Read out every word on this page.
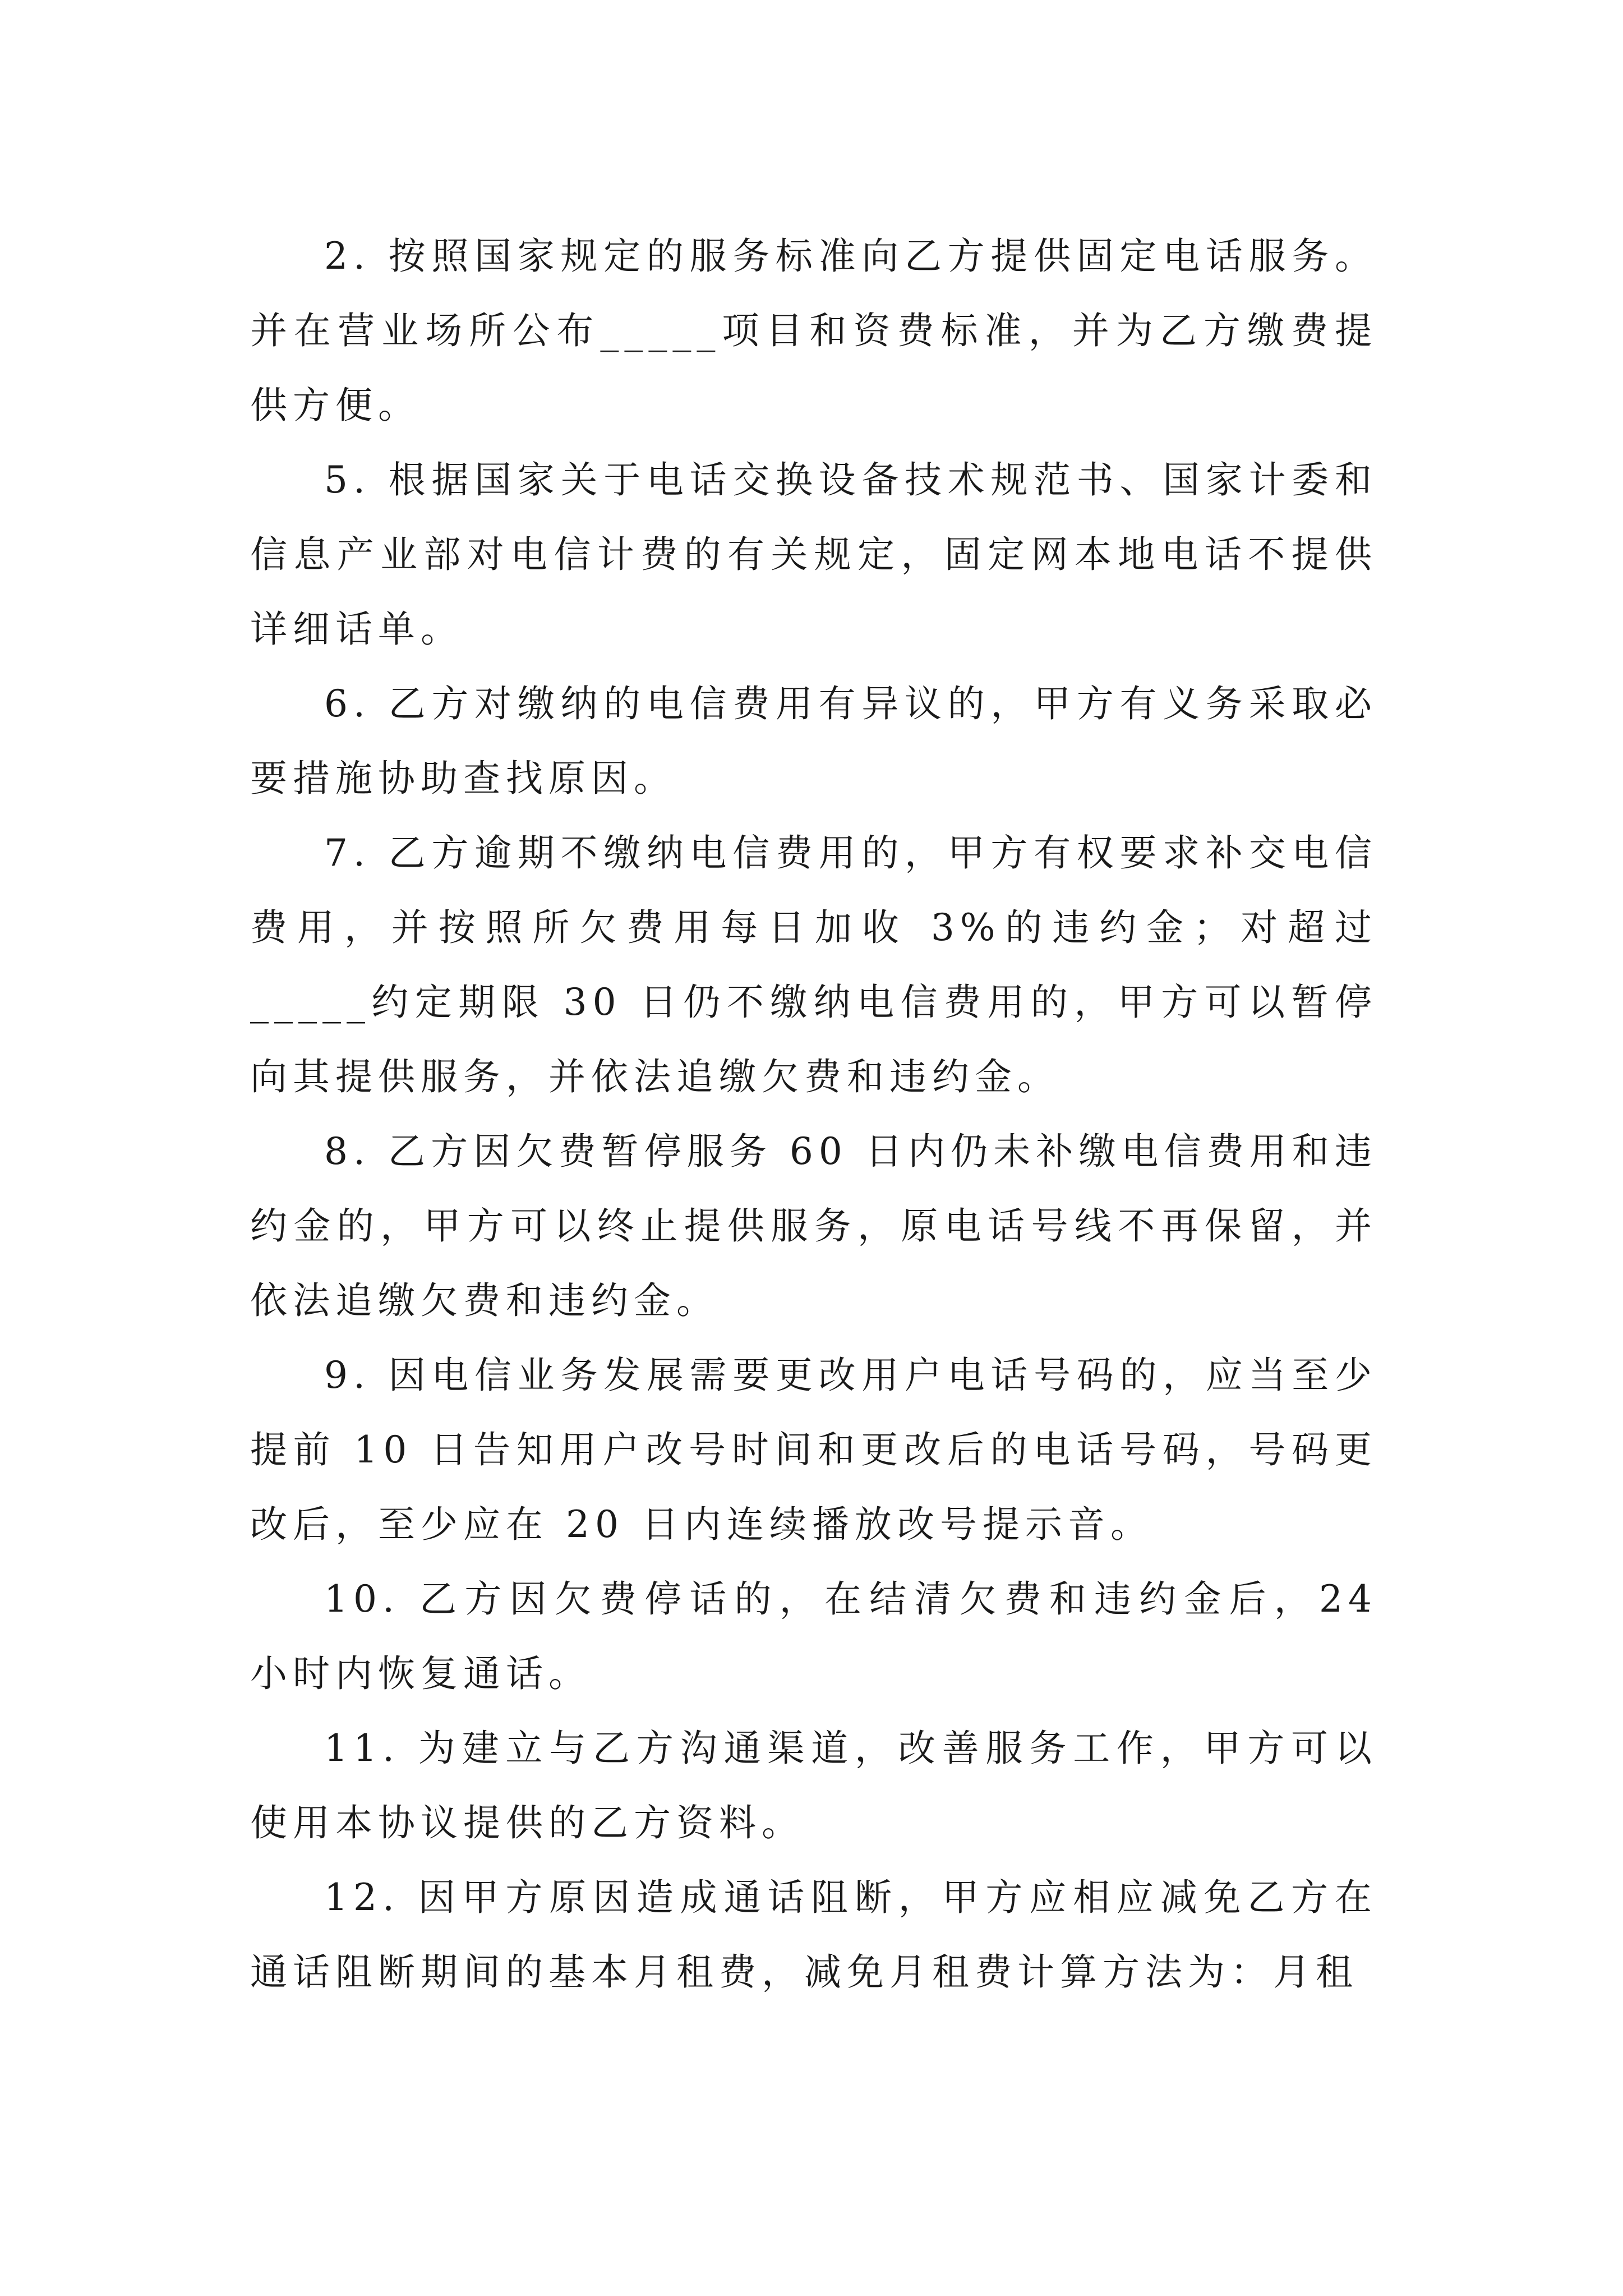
2. 按照国家规定的服务标准向乙方提供固定电话服务。并在营业场所公布_____项目和资费标准，并为乙方缴费提供方便。

5. 根据国家关于电话交换设备技术规范书、国家计委和信息产业部对电信计费的有关规定，固定网本地电话不提供详细话单。

6. 乙方对缴纳的电信费用有异议的，甲方有义务采取必要措施协助查找原因。

7. 乙方逾期不缴纳电信费用的，甲方有权要求补交电信费用，并按照所欠费用每日加收 3%的违约金；对超过_____约定期限 30 日仍不缴纳电信费用的，甲方可以暂停向其提供服务，并依法追缴欠费和违约金。

8. 乙方因欠费暂停服务 60 日内仍未补缴电信费用和违约金的，甲方可以终止提供服务，原电话号线不再保留，并依法追缴欠费和违约金。

9. 因电信业务发展需要更改用户电话号码的，应当至少提前 10 日告知用户改号时间和更改后的电话号码，号码更改后，至少应在 20 日内连续播放改号提示音。

10. 乙方因欠费停话的，在结清欠费和违约金后，24 小时内恢复通话。

11. 为建立与乙方沟通渠道，改善服务工作，甲方可以使用本协议提供的乙方资料。

12. 因甲方原因造成通话阻断，甲方应相应减免乙方在通话阻断期间的基本月租费，减免月租费计算方法为：月租
